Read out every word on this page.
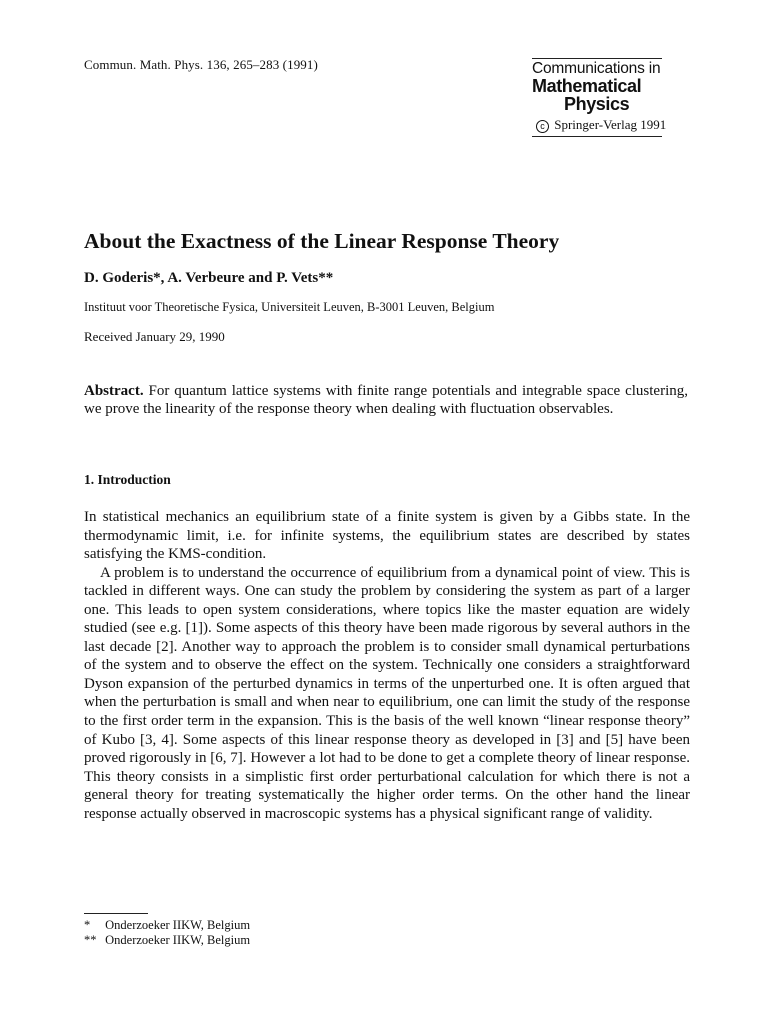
Commun. Math. Phys. 136, 265–283 (1991)	Communications in
Mathematical
Physics
c Springer-Verlag 1991
About the Exactness of the Linear Response Theory
D. Goderis*, A. Verbeure and P. Vets**
Instituut voor Theoretische Fysica, Universiteit Leuven, B-3001 Leuven, Belgium
Received January 29, 1990
Abstract. For quantum lattice systems with finite range potentials and integrable space clustering, we prove the linearity of the response theory when dealing with fluctuation observables.
1. Introduction

In statistical mechanics an equilibrium state of a finite system is given by a Gibbs state. In the thermodynamic limit, i.e. for infinite systems, the equilibrium states are described by states satisfying the KMS-condition.

A problem is to understand the occurrence of equilibrium from a dynamical point of view. This is tackled in different ways. One can study the problem by considering the system as part of a larger one. This leads to open system considerations, where topics like the master equation are widely studied (see e.g. [1]). Some aspects of this theory have been made rigorous by several authors in the last decade [2]. Another way to approach the problem is to consider small dynamical perturbations of the system and to observe the effect on the system. Technically one considers a straightforward Dyson expansion of the perturbed dynamics in terms of the unperturbed one. It is often argued that when the perturbation is small and when near to equilibrium, one can limit the study of the response to the first order term in the expansion. This is the basis of the well known “linear response theory” of Kubo [3, 4]. Some aspects of this linear response theory as developed in [3] and [5] have been proved rigorously in [6, 7]. However a lot had to be done to get a complete theory of linear response. This theory consists in a simplistic first order perturbational calculation for which there is not a general theory for treating systematically the higher order terms. On the other hand the linear response actually observed in macroscopic systems has a physical significant range of validity.

* Onderzoeker IIKW, Belgium
** Onderzoeker IIKW, Belgium
